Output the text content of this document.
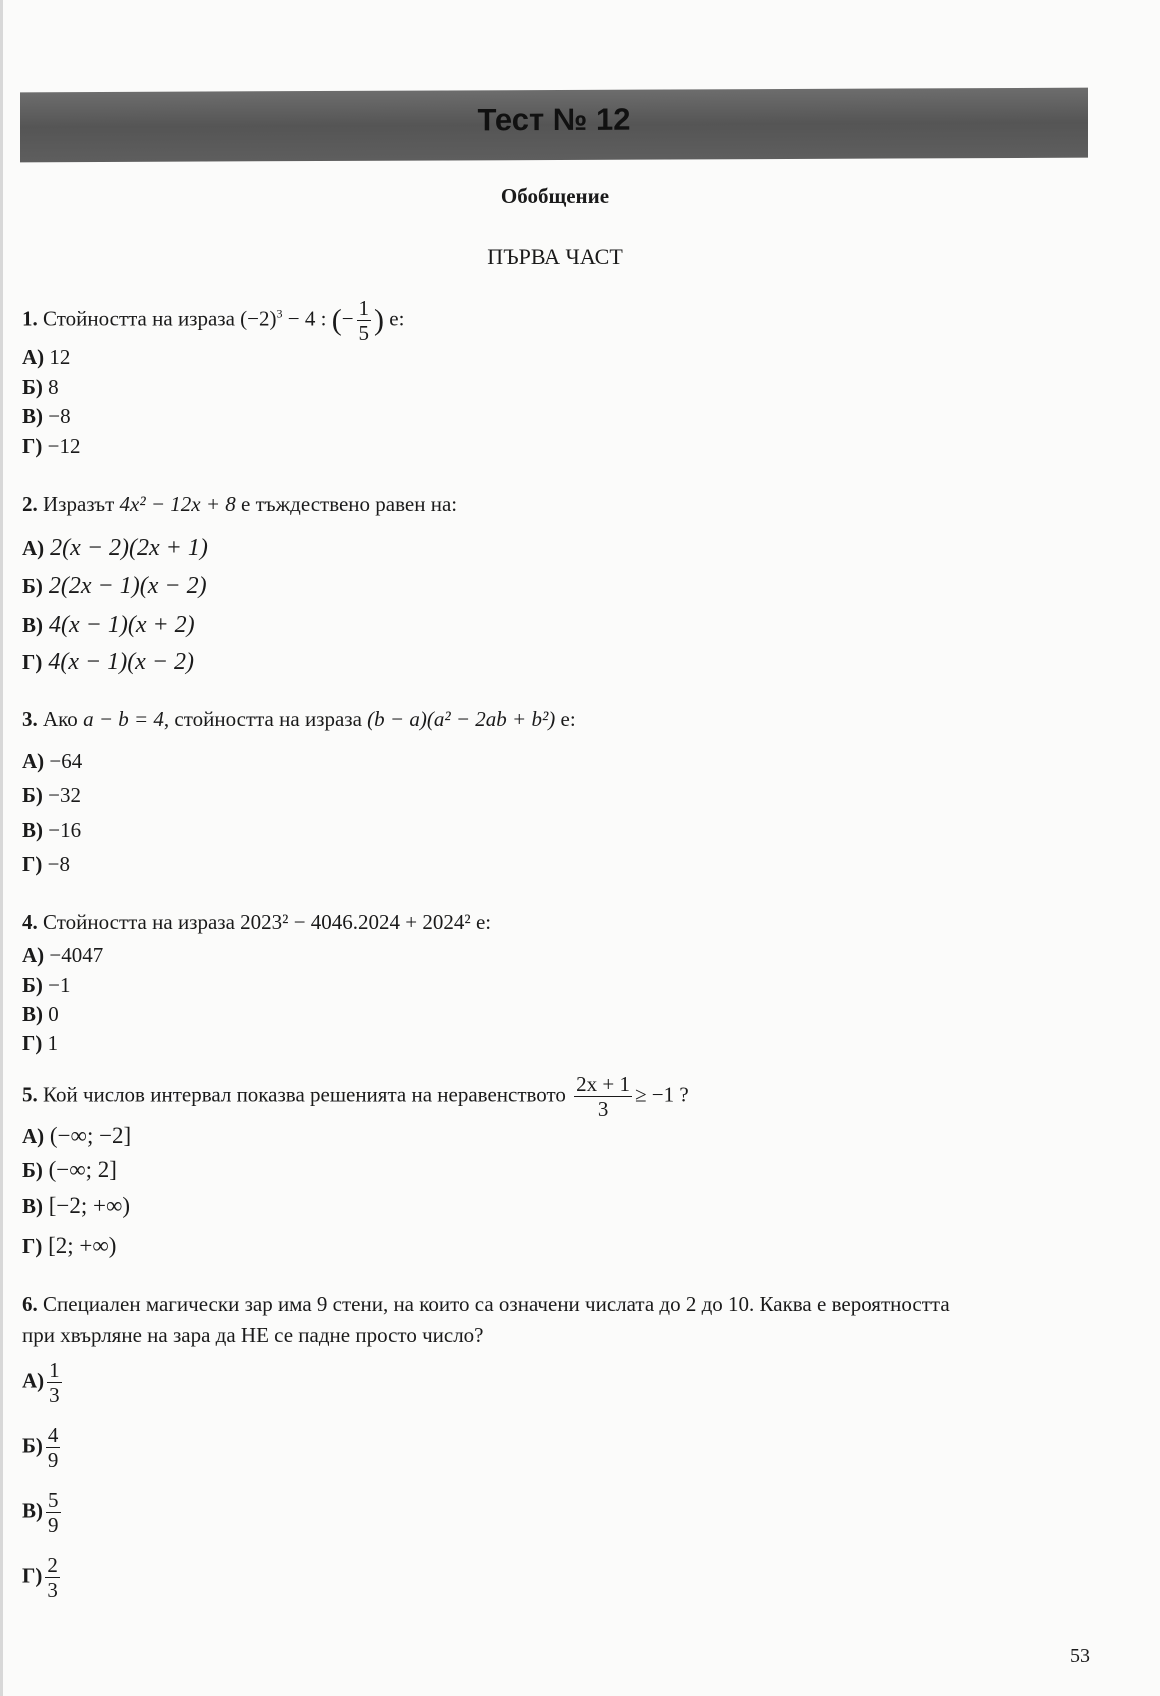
Тест № 12
Обобщение
ПЪРВА ЧАСТ
1. Стойността на израза $(-2)^3 - 4$ : (− $\frac{1}{5}$ ) е:
А) 12
Б) 8
В) −8
Г) −12
2. Изразът 4x² − 12x + 8 е тъждествено равен на:
А) 2(x − 2)(2x + 1)
Б) 2(2x − 1)(x − 2)
В) 4(x − 1)(x + 2)
Г) 4(x − 1)(x − 2)
3. Ако a − b = 4, стойността на израза (b − a)(a² − 2ab + b²) е:
А) −64
Б) −32
В) −16
Г) −8
4. Стойността на израза 2023² − 4046.2024 + 2024² е:
А) −4047
Б) −1
В) 0
Г) 1
5. Кой числов интервал показва решенията на неравенството $\frac{2x + 1}{3} \ge -1$ ?
А) (−∞; −2]
Б) (−∞; 2]
В) [−2; +∞)
Г) [2; +∞)
6. Специален магически зар има 9 стени, на които са означени числата до 2 до 10. Каква е вероятността
при хвърляне на зара да НЕ се падне просто число?
$А) \frac{1}{3}$
$Б) \frac{4}{9}$
$В) \frac{5}{9}$
$Г) \frac{2}{3}$
53
